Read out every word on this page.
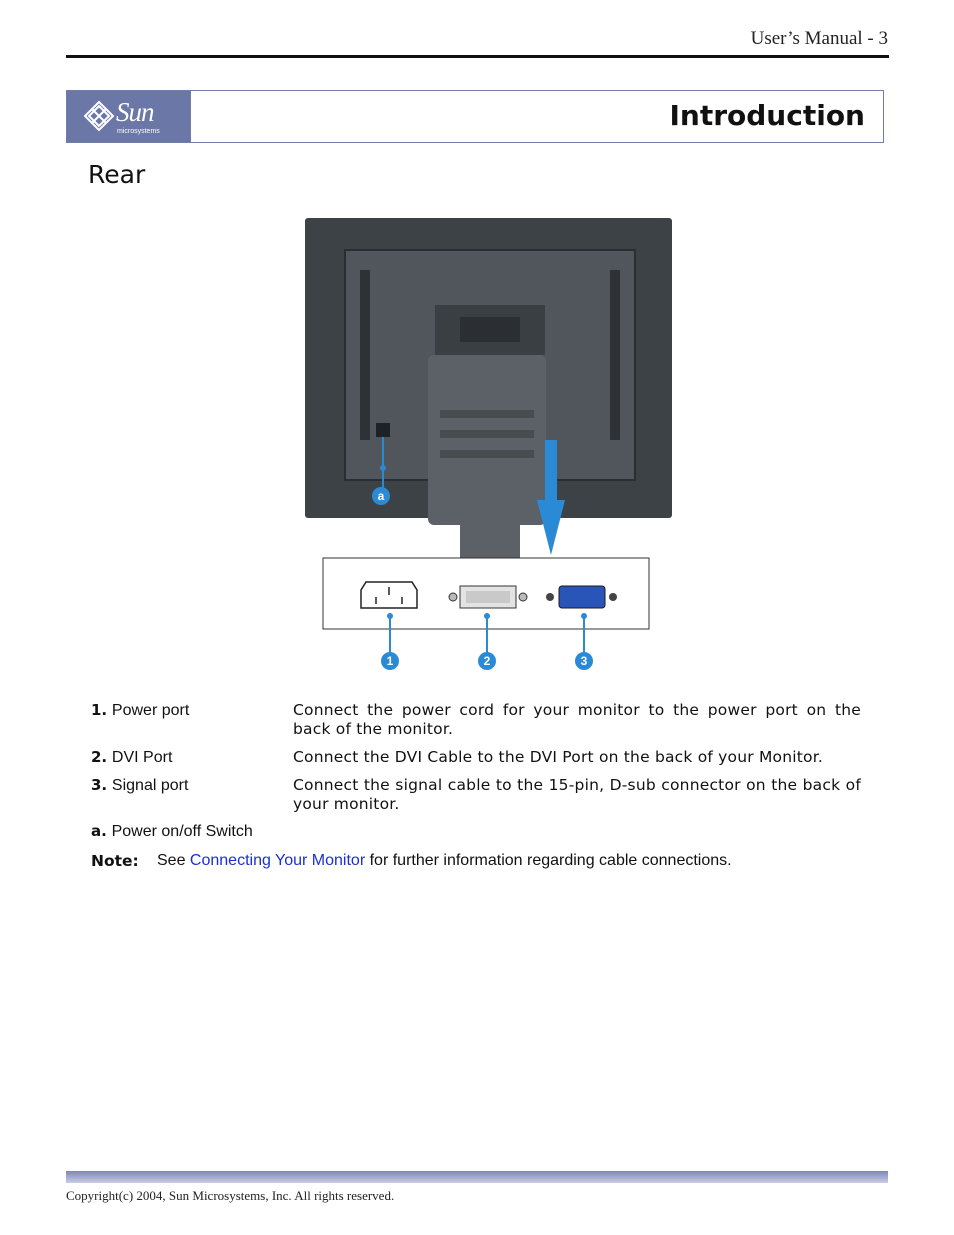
User’s Manual - 3
Sun
microsystems	Introduction
Rear
a
1	2	3
1. Power port	Connect the power cord for your monitor to the power port on the back of the monitor.
2. DVI Port	Connect the DVI Cable to the DVI Port on the back of your Monitor.
3. Signal port	Connect the signal cable to the 15-pin, D-sub connector on the back of your monitor.
a. Power on/off Switch
Note: See Connecting Your Monitor for further information regarding cable connections.
Copyright(c) 2004, Sun Microsystems, Inc. All rights reserved.
